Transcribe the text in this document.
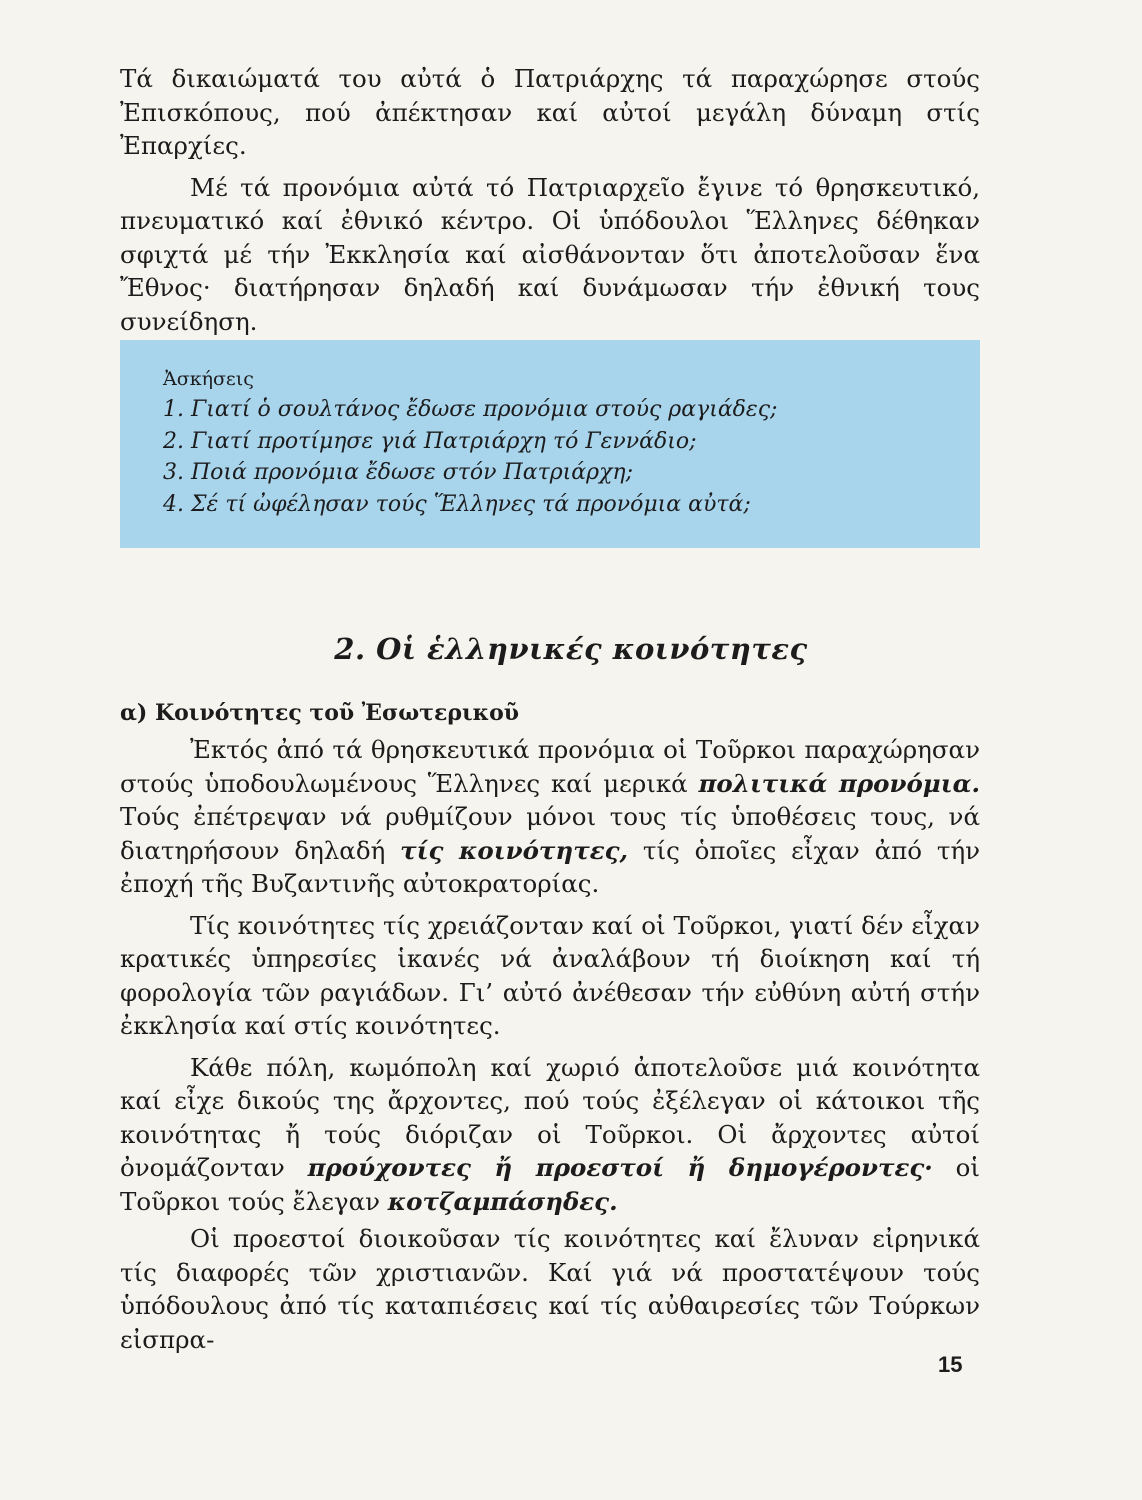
Τά δικαιώματά του αὐτά ὁ Πατριάρχης τά παραχώρησε στούς Ἐπισκόπους, πού ἀπέκτησαν καί αὐτοί μεγάλη δύναμη στίς Ἐπαρχίες.

Μέ τά προνόμια αὐτά τό Πατριαρχεῖο ἔγινε τό θρησκευτικό, πνευματικό καί ἐθνικό κέντρο. Οἱ ὑπόδουλοι Ἕλληνες δέθηκαν σφιχτά μέ τήν Ἐκκλησία καί αἰσθάνονταν ὅτι ἀποτελοῦσαν ἕνα Ἔθνος· διατήρησαν δηλαδή καί δυνάμωσαν τήν ἐθνική τους συνείδηση.

Ἀσκήσεις
1. Γιατί ὁ σουλτάνος ἔδωσε προνόμια στούς ραγιάδες;
2. Γιατί προτίμησε γιά Πατριάρχη τό Γεννάδιο;
3. Ποιά προνόμια ἔδωσε στόν Πατριάρχη;
4. Σέ τί ὠφέλησαν τούς Ἕλληνες τά προνόμια αὐτά;
2. Οἱ ἑλληνικές κοινότητες
α) Κοινότητες τοῦ Ἐσωτερικοῦ

Ἐκτός ἀπό τά θρησκευτικά προνόμια οἱ Τοῦρκοι παραχώρησαν στούς ὑποδουλωμένους Ἕλληνες καί μερικά πολιτικά προνόμια. Τούς ἐπέτρεψαν νά ρυθμίζουν μόνοι τους τίς ὑποθέσεις τους, νά διατηρήσουν δηλαδή τίς κοινότητες, τίς ὁποῖες εἶχαν ἀπό τήν ἐποχή τῆς Βυζαντινῆς αὐτοκρατορίας.

Τίς κοινότητες τίς χρειάζονταν καί οἱ Τοῦρκοι, γιατί δέν εἶχαν κρατικές ὑπηρεσίες ἱκανές νά ἀναλάβουν τή διοίκηση καί τή φορολογία τῶν ραγιάδων. Γι’ αὐτό ἀνέθεσαν τήν εὐθύνη αὐτή στήν ἐκκλησία καί στίς κοινότητες.

Κάθε πόλη, κωμόπολη καί χωριό ἀποτελοῦσε μιά κοινότητα καί εἶχε δικούς της ἄρχοντες, πού τούς ἐξέλεγαν οἱ κάτοικοι τῆς κοινότητας ἤ τούς διόριζαν οἱ Τοῦρκοι. Οἱ ἄρχοντες αὐτοί ὀνομάζονταν προύχοντες ἤ προεστοί ἤ δημογέροντες· οἱ Τοῦρκοι τούς ἔλεγαν κοτζαμπάσηδες.

Οἱ προεστοί διοικοῦσαν τίς κοινότητες καί ἔλυναν εἰρηνικά τίς διαφορές τῶν χριστιανῶν. Καί γιά νά προστατέψουν τούς ὑπόδουλους ἀπό τίς καταπιέσεις καί τίς αὐθαιρεσίες τῶν Τούρκων εἰσπρα-

15
